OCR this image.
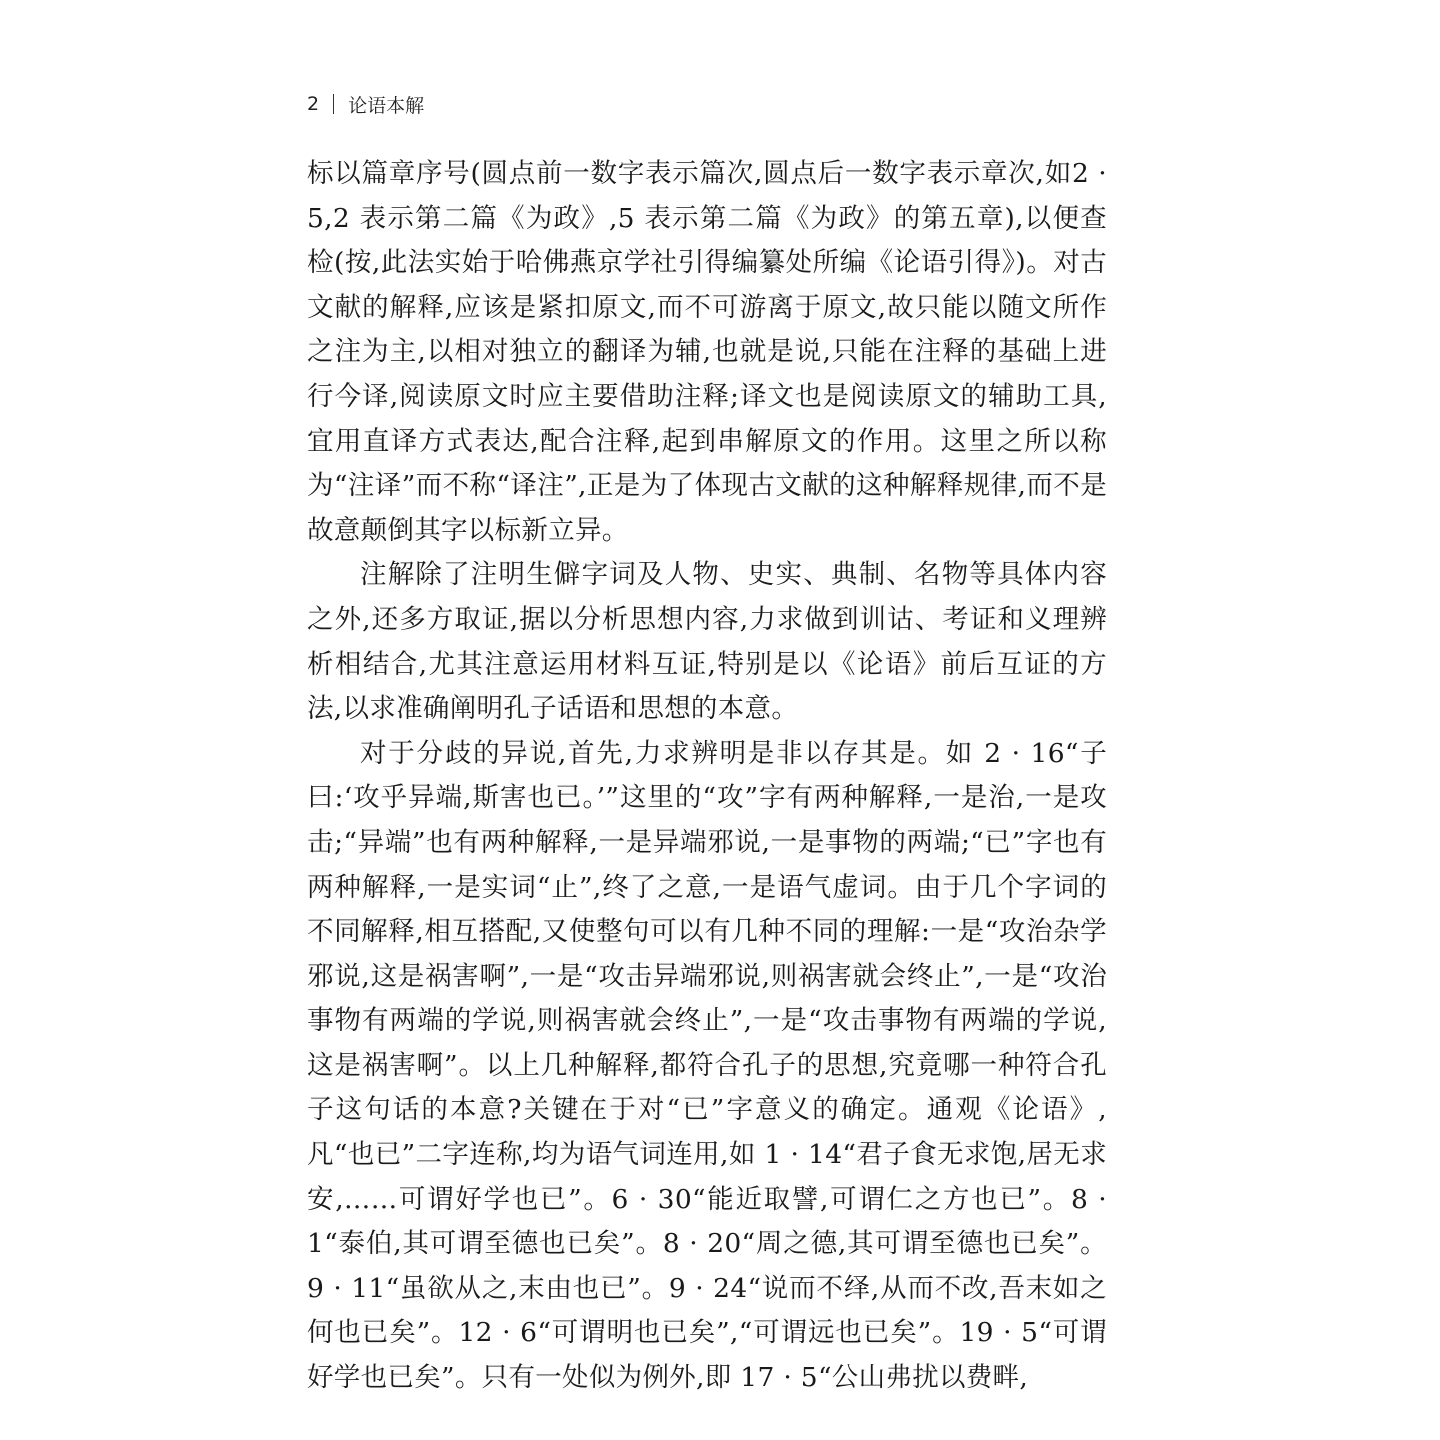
2 论语本解

标以篇章序号(圆点前一数字表示篇次,圆点后一数字表示章次,如2 · 5,2 表示第二篇《为政》,5 表示第二篇《为政》的第五章),以便查检(按,此法实始于哈佛燕京学社引得编纂处所编《论语引得》)。对古文献的解释,应该是紧扣原文,而不可游离于原文,故只能以随文所作之注为主,以相对独立的翻译为辅,也就是说,只能在注释的基础上进行今译,阅读原文时应主要借助注释;译文也是阅读原文的辅助工具,宜用直译方式表达,配合注释,起到串解原文的作用。这里之所以称为“注译”而不称“译注”,正是为了体现古文献的这种解释规律,而不是故意颠倒其字以标新立异。

注解除了注明生僻字词及人物、史实、典制、名物等具体内容之外,还多方取证,据以分析思想内容,力求做到训诂、考证和义理辨析相结合,尤其注意运用材料互证,特别是以《论语》前后互证的方法,以求准确阐明孔子话语和思想的本意。

对于分歧的异说,首先,力求辨明是非以存其是。如 2 · 16“子曰:‘攻乎异端,斯害也已。’”这里的“攻”字有两种解释,一是治,一是攻击;“异端”也有两种解释,一是异端邪说,一是事物的两端;“已”字也有两种解释,一是实词“止”,终了之意,一是语气虚词。由于几个字词的不同解释,相互搭配,又使整句可以有几种不同的理解:一是“攻治杂学邪说,这是祸害啊”,一是“攻击异端邪说,则祸害就会终止”,一是“攻治事物有两端的学说,则祸害就会终止”,一是“攻击事物有两端的学说,这是祸害啊”。以上几种解释,都符合孔子的思想,究竟哪一种符合孔子这句话的本意?关键在于对“已”字意义的确定。通观《论语》,凡“也已”二字连称,均为语气词连用,如 1 · 14“君子食无求饱,居无求安,……可谓好学也已”。6 · 30“能近取譬,可谓仁之方也已”。8 · 1“泰伯,其可谓至德也已矣”。8 · 20“周之德,其可谓至德也已矣”。9 · 11“虽欲从之,末由也已”。9 · 24“说而不绎,从而不改,吾末如之何也已矣”。12 · 6“可谓明也已矣”,“可谓远也已矣”。19 · 5“可谓好学也已矣”。只有一处似为例外,即 17 · 5“公山弗扰以费畔,
